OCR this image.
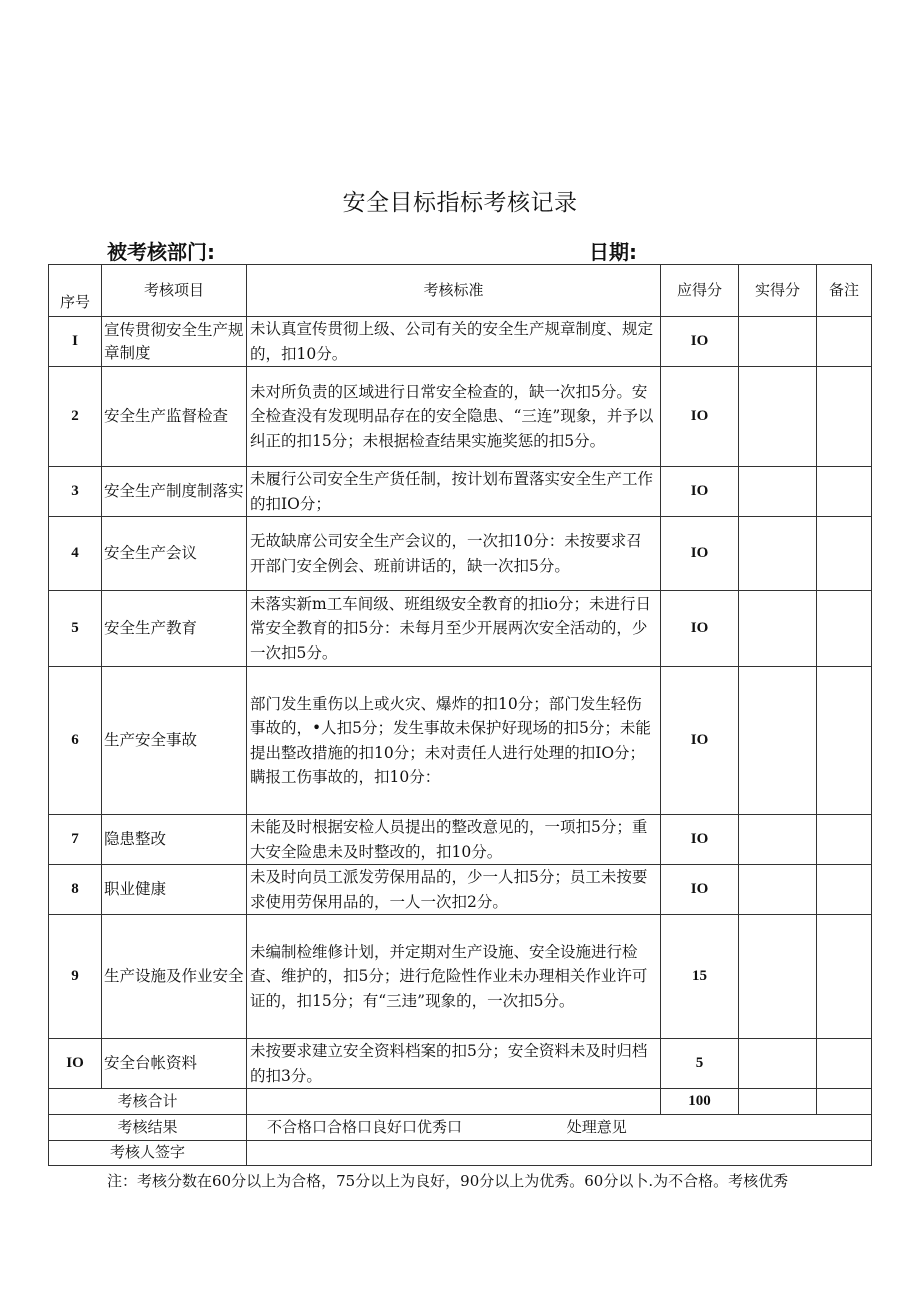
安全目标指标考核记录
被考核部门:	日期:
序号	考核项目	考核标准	应得分	实得分	备注
I	宣传贯彻安全生产规章制度	未认真宣传贯彻上级、公司有关的安全生产规章制度、规定的，扣10分。	IO		
2	安全生产监督检查	未对所负责的区域进行日常安全检查的，缺一次扣5分。安全检查没有发现明品存在的安全隐患、“三连”现象，并予以纠正的扣15分；未根据检查结果实施奖惩的扣5分。	IO		
3	安全生产制度制落实	未履行公司安全生产货任制，按计划布置落实安全生产工作的扣IO分；	IO		
4	安全生产会议	无故缺席公司安全生产会议的，一次扣10分：未按要求召开部门安全例会、班前讲话的，缺一次扣5分。	IO		
5	安全生产教育	未落实新m工车间级、班组级安全教育的扣io分；未进行日常安全教育的扣5分：未每月至少开展两次安全活动的，少一次扣5分。	IO		
6	生产安全事故	部门发生重伤以上或火灾、爆炸的扣10分；部门发生轻伤事故的，•人扣5分；发生事故未保护好现场的扣5分；未能提出整改措施的扣10分；未对责任人进行处理的扣IO分；瞒报工伤事故的，扣10分：	IO		
7	隐患整改	未能及时根据安检人员提出的整改意见的，一项扣5分；重大安全险患未及时整改的，扣10分。	IO		
8	职业健康	未及时向员工派发劳保用品的，少一人扣5分；员工未按要求使用劳保用品的，一人一次扣2分。	IO		
9	生产设施及作业安全	未编制检维修计划，并定期对生产设施、安全设施进行检查、维护的，扣5分；进行危险性作业未办理相关作业许可证的，扣15分；有“三违”现象的，一次扣5分。	15		
IO	安全台帐资料	未按要求建立安全资料档案的扣5分；安全资料未及时归档的扣3分。	5		
考核合计			100		
考核结果		不合格口合格口良好口优秀口 处理意见			
考核人签字					
注：考核分数在60分以上为合格，75分以上为良好，90分以上为优秀。60分以卜.为不合格。考核优秀
